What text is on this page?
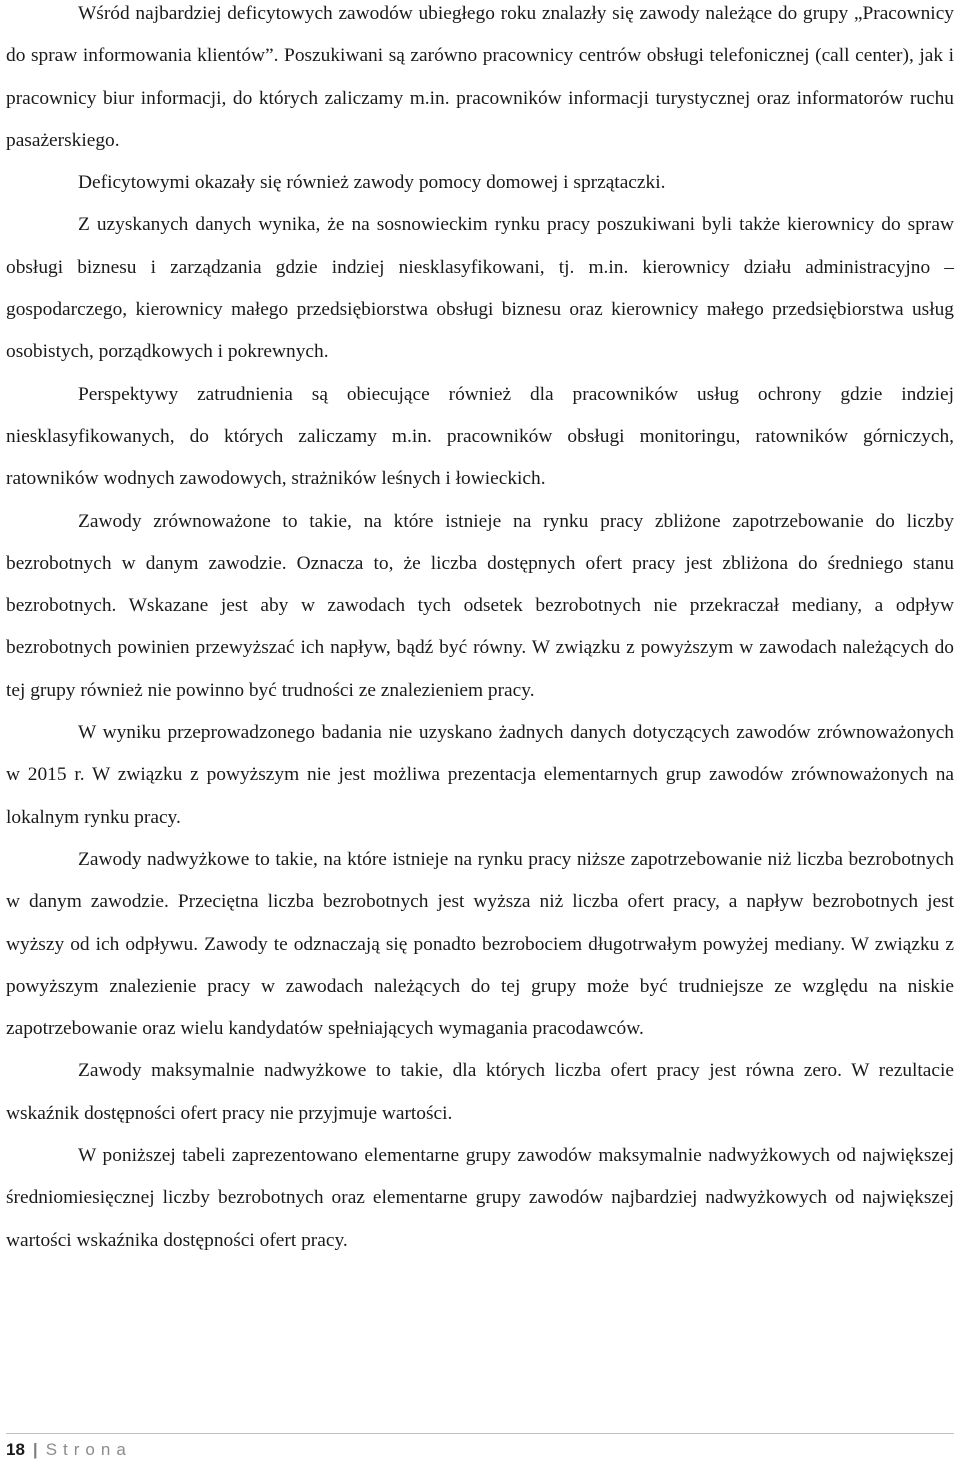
Wśród najbardziej deficytowych zawodów ubiegłego roku znalazły się zawody należące do grupy „Pracownicy do spraw informowania klientów”. Poszukiwani są zarówno pracownicy centrów obsługi telefonicznej (call center), jak i pracownicy biur informacji, do których zaliczamy m.in. pracowników informacji turystycznej oraz informatorów ruchu pasażerskiego.

Deficytowymi okazały się również zawody pomocy domowej i sprzątaczki.

Z uzyskanych danych wynika, że na sosnowieckim rynku pracy poszukiwani byli także kierownicy do spraw obsługi biznesu i zarządzania gdzie indziej niesklasyfikowani, tj. m.in. kierownicy działu administracyjno – gospodarczego, kierownicy małego przedsiębiorstwa obsługi biznesu oraz kierownicy małego przedsiębiorstwa usług osobistych, porządkowych i pokrewnych.

Perspektywy zatrudnienia są obiecujące również dla pracowników usług ochrony gdzie indziej niesklasyfikowanych, do których zaliczamy m.in. pracowników obsługi monitoringu, ratowników górniczych, ratowników wodnych zawodowych, strażników leśnych i łowieckich.

Zawody zrównoważone to takie, na które istnieje na rynku pracy zbliżone zapotrzebowanie do liczby bezrobotnych w danym zawodzie. Oznacza to, że liczba dostępnych ofert pracy jest zbliżona do średniego stanu bezrobotnych. Wskazane jest aby w zawodach tych odsetek bezrobotnych nie przekraczał mediany, a odpływ bezrobotnych powinien przewyższać ich napływ, bądź być równy. W związku z powyższym w zawodach należących do tej grupy również nie powinno być trudności ze znalezieniem pracy.

W wyniku przeprowadzonego badania nie uzyskano żadnych danych dotyczących zawodów zrównoważonych w 2015 r. W związku z powyższym nie jest możliwa prezentacja elementarnych grup zawodów zrównoważonych na lokalnym rynku pracy.

Zawody nadwyżkowe to takie, na które istnieje na rynku pracy niższe zapotrzebowanie niż liczba bezrobotnych w danym zawodzie. Przeciętna liczba bezrobotnych jest wyższa niż liczba ofert pracy, a napływ bezrobotnych jest wyższy od ich odpływu. Zawody te odznaczają się ponadto bezrobociem długotrwałym powyżej mediany. W związku z powyższym znalezienie pracy w zawodach należących do tej grupy może być trudniejsze ze względu na niskie zapotrzebowanie oraz wielu kandydatów spełniających wymagania pracodawców.

Zawody maksymalnie nadwyżkowe to takie, dla których liczba ofert pracy jest równa zero. W rezultacie wskaźnik dostępności ofert pracy nie przyjmuje wartości.

W poniższej tabeli zaprezentowano elementarne grupy zawodów maksymalnie nadwyżkowych od największej średniomiesięcznej liczby bezrobotnych oraz elementarne grupy zawodów najbardziej nadwyżkowych od największej wartości wskaźnika dostępności ofert pracy.

18 | Strona
